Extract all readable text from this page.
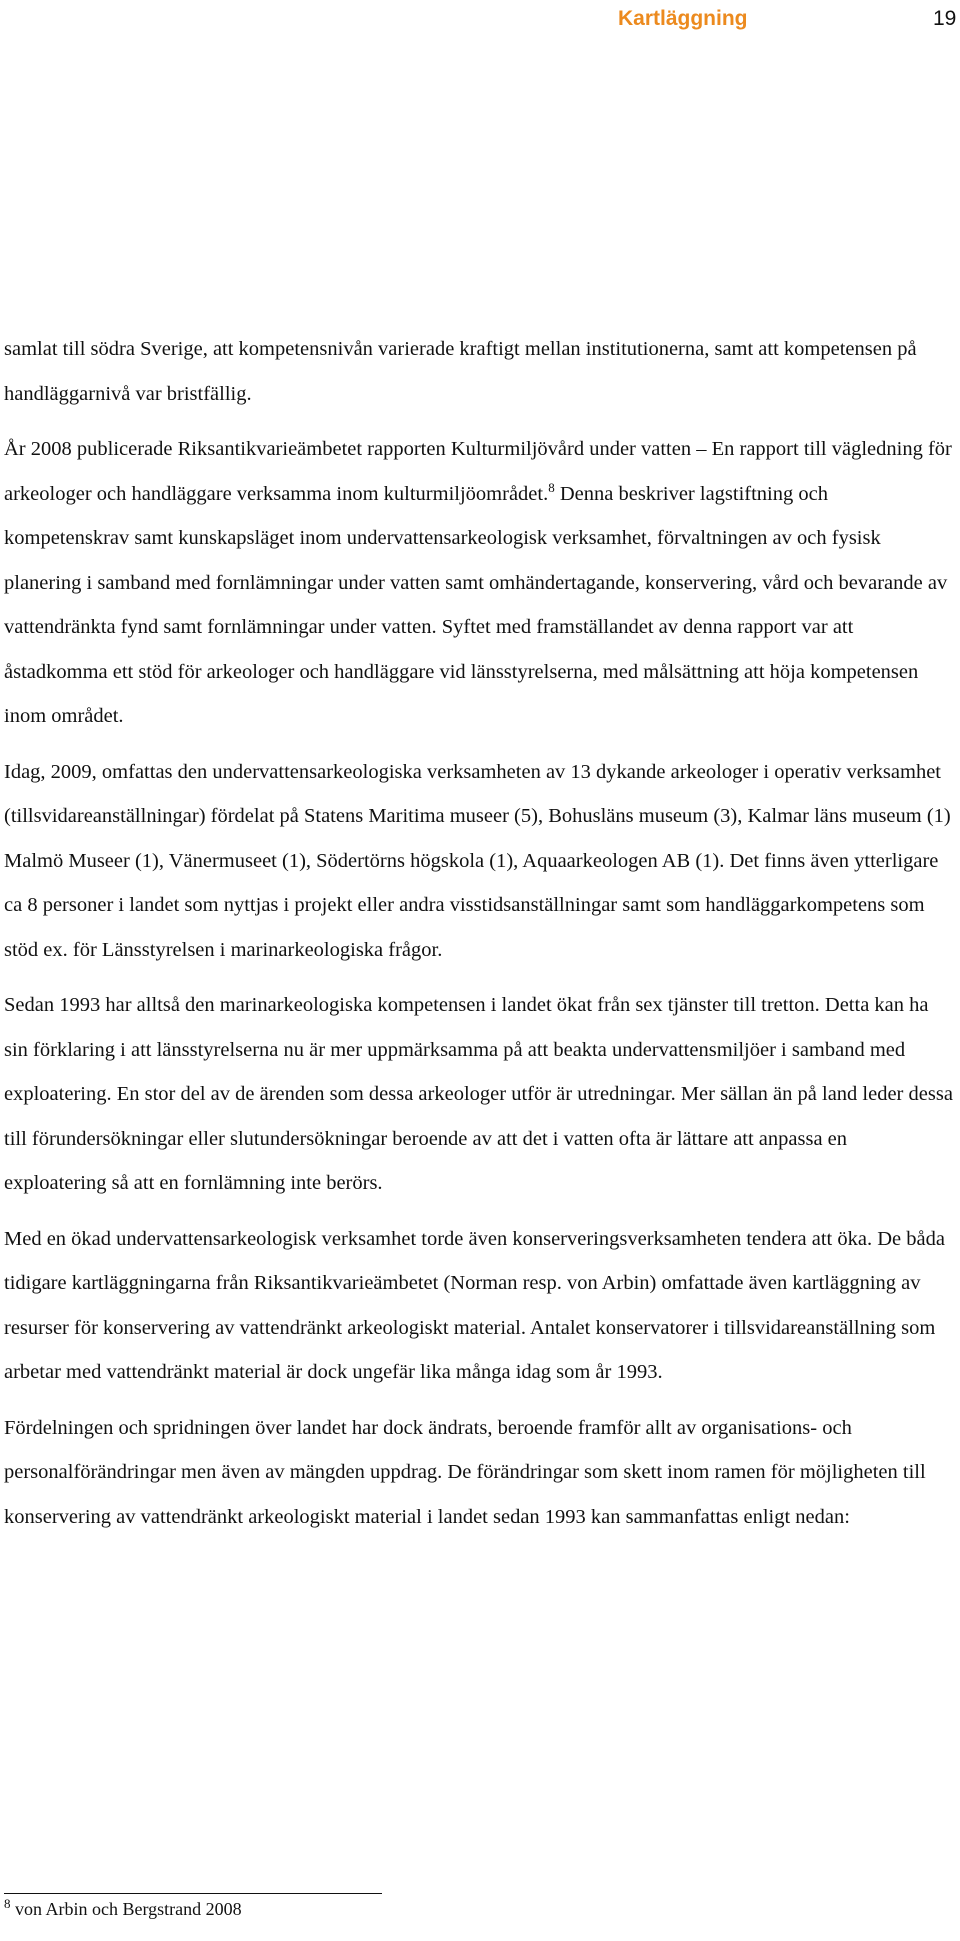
Kartläggning	19

samlat till södra Sverige, att kompetensnivån varierade kraftigt mellan institutionerna, samt att kompetensen på handläggarnivå var bristfällig.

År 2008 publicerade Riksantikvarieämbetet rapporten Kulturmiljövård under vatten – En rapport till vägledning för arkeologer och handläggare verksamma inom kulturmiljöområdet.$^8$ Denna beskriver lagstiftning och kompetenskrav samt kunskapsläget inom undervattensarkeologisk verksamhet, förvaltningen av och fysisk planering i samband med fornlämningar under vatten samt omhändertagande, konservering, vård och bevarande av vattendränkta fynd samt fornlämningar under vatten. Syftet med framställandet av denna rapport var att åstadkomma ett stöd för arkeologer och handläggare vid länsstyrelserna, med målsättning att höja kompetensen inom området.

Idag, 2009, omfattas den undervattensarkeologiska verksamheten av 13 dykande arkeologer i operativ verksamhet (tillsvidareanställningar) fördelat på Statens Maritima museer (5), Bohusläns museum (3), Kalmar läns museum (1) Malmö Museer (1), Vänermuseet (1), Södertörns högskola (1), Aquaarkeologen AB (1). Det finns även ytterligare ca 8 personer i landet som nyttjas i projekt eller andra visstidsanställningar samt som handläggarkompetens som stöd ex. för Länsstyrelsen i marinarkeologiska frågor.

Sedan 1993 har alltså den marinarkeologiska kompetensen i landet ökat från sex tjänster till tretton. Detta kan ha sin förklaring i att länsstyrelserna nu är mer uppmärksamma på att beakta undervattensmiljöer i samband med exploatering. En stor del av de ärenden som dessa arkeologer utför är utredningar. Mer sällan än på land leder dessa till förundersökningar eller slutundersökningar beroende av att det i vatten ofta är lättare att anpassa en exploatering så att en fornlämning inte berörs.

Med en ökad undervattensarkeologisk verksamhet torde även konserveringsverksamheten tendera att öka. De båda tidigare kartläggningarna från Riksantikvarieämbetet (Norman resp. von Arbin) omfattade även kartläggning av resurser för konservering av vattendränkt arkeologiskt material. Antalet konservatorer i tillsvidareanställning som arbetar med vattendränkt material är dock ungefär lika många idag som år 1993.

Fördelningen och spridningen över landet har dock ändrats, beroende framför allt av organisations- och personalförändringar men även av mängden uppdrag. De förändringar som skett inom ramen för möjligheten till konservering av vattendränkt arkeologiskt material i landet sedan 1993 kan sammanfattas enligt nedan:

$^8$ von Arbin och Bergstrand 2008
